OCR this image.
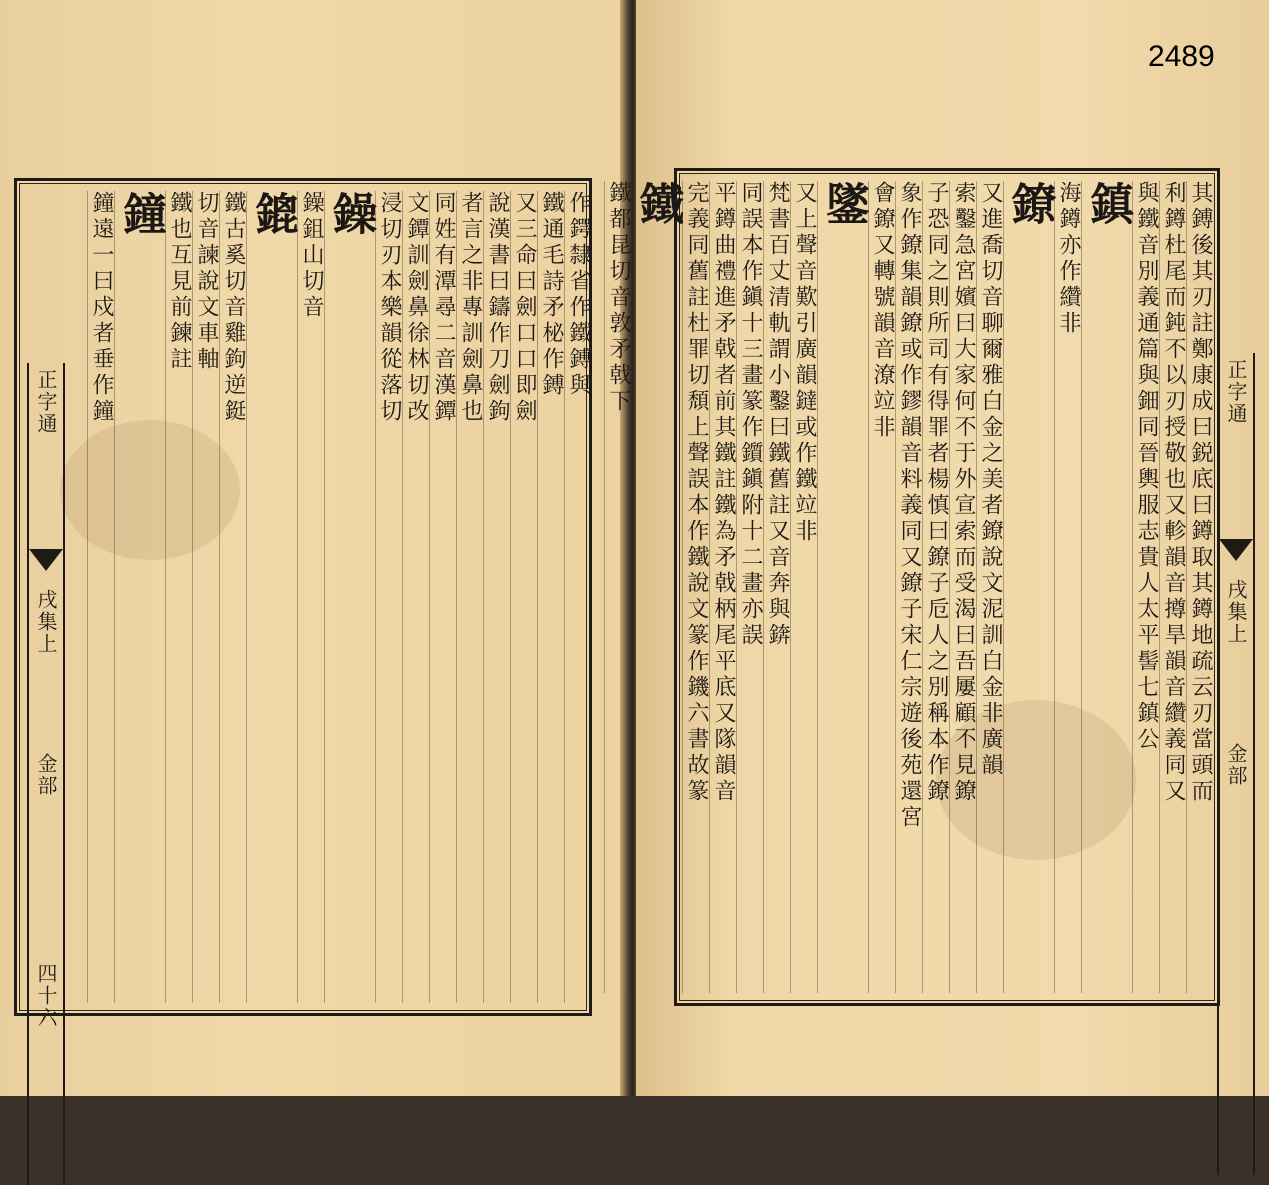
正字通
戌集上
金部
四十六
作鍔隸省作鐵鎛與
鐵通毛詩矛柲作鎛
又三命曰劍口口即劍
說漢書曰鑄作刀劍鉤
者言之非專訓劍鼻也
同姓有潭尋二音漢鐔
文鐔訓劍鼻徐林切改
浸切刃本樂韻從落切
鐰
鐰鉏山切音
鎞
鐵古奚切音雞鉤逆鋌
切音諫說文車軸
鐵也互見前鍊註
鐘
鐘遠一曰戍者垂作鐘	其鎛後其刃註鄭康成曰鋭底曰鐏取其鐏地疏云刃當頭而
利鐏杜尾而鈍不以刃授敬也又軫韻音撙旱韻音纘義同又
與鐵音別義通篇與鈿同晉輿服志貴人太平髻七鎮公
鎮
海鐏亦作纘非
鐐
又進喬切音聊爾雅白金之美者鐐說文泥訓白金非廣韻
索鑿急宮嬪曰大家何不于外宣索而受渴曰吾屢顧不見鐐
子恐同之則所司有得罪者楊慎曰鐐子卮人之別稱本作鐐
象作鐐集韻鐐或作鏐韻音料義同又鐐子宋仁宗遊後苑還宮
會鐐又轉號韻音潦竝非
鐆
又上聲音歎引廣韻鐽或作鐵竝非
梵書百丈清軌謂小鑿曰鐵舊註又音奔與錛
同誤本作鎭十三畫篆作鑕鎭附十二畫亦誤
平鐏曲禮進矛戟者前其鐵註鐵為矛戟柄尾平底又隊韻音
完義同舊註杜罪切頹上聲誤本作鐵說文篆作鐖六書故篆
鐵
鐵都昆切音敦矛戟下	正字通
戌集上
金部
2489
